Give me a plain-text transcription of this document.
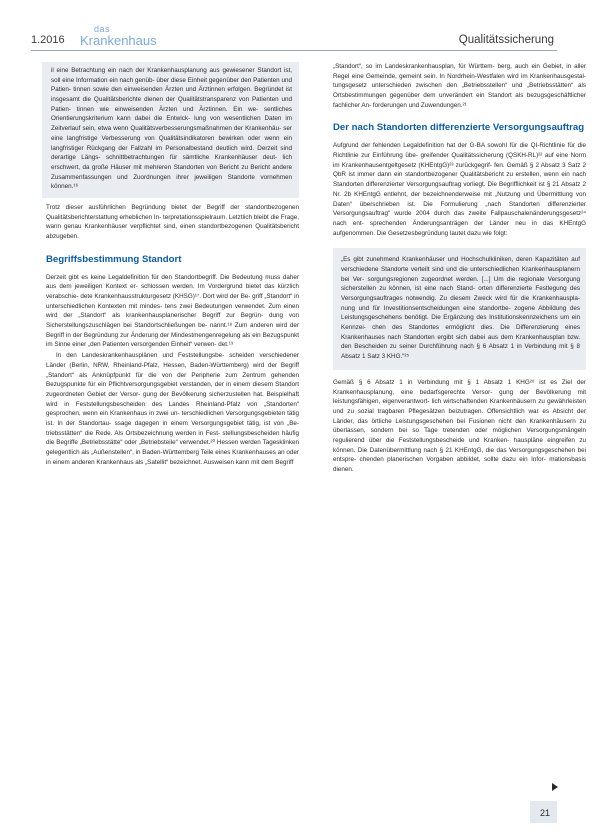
1.2016
das
Krankenhaus	Qualitätssicherung

il eine Betrachtung ein nach der Krankenhausplanung aus gewiesener Standort ist, soll eine Information ein nach genüb- über diese Einheit gegenüber den Patienten und Patien- tinnen sowie den einweisenden Ärzten und Ärztinnen erfolgen. Begründet ist insgesamt die Qualitätsberichte dienen der Qualitätstransparenz von Patienten und Patien- tinnen wie einweisenden Ärzten und Ärztinnen. Ein we- sentliches Orientierungskriterium kann dabei die Entwick- lung von wesentlichen Daten im Zeitverlauf sein, etwa wenn Qualitätsverbesserungsmaßnahmen der Krankenhäu- ser eine langfristige Verbesserung von Qualitätsindikatoren bewirken oder wenn ein langfristiger Rückgang der Fallzahl im Personalbestand deutlich wird. Derzeit sind derartige Längs- schnittbetrachtungen für sämtliche Krankenhäuser deut- lich erschwert, da große Häuser mit mehreren Standorten von Bericht zu Bericht andere Zusammenfassungen und Zuordnungen ihrer jeweiligen Standorte vornehmen können.¹⁶

Trotz dieser ausführlichen Begründung bietet der Begriff der standortbezogenen Qualitätsberichterstattung erheblichen In- terpretationsspielraum. Letztlich bleibt die Frage, wann genau Krankenhäuser verpflichtet sind, einen standortbezogenen Qualitätsbericht abzugeben.

Begriffsbestimmung Standort

Derzeit gibt es keine Legaldefinition für den Standortbegriff. Die Bedeutung muss daher aus dem jeweiligen Kontext er- schlossen werden. Im Vordergrund bietet das kürzlich verabschie- dete Krankenhausstrukturgesetz (KHSG)¹⁷. Dort wird der Be- griff „Standort“ in unterschiedlichen Kontexten mit mindes- tens zwei Bedeutungen verwendet. Zum einen wird der „Standort“ als krankenhausplanerischer Begriff zur Begrün- dung von Sicherstellungszuschlägen bei Standortschließungen be- nannt.¹⁸ Zum anderen wird der Begriff in der Begründung zur Änderung der Mindestmengenregelung als ein Bezugspunkt im Sinne einer „den Patienten versorgenden Einheit“ verwen- det.¹⁹

In den Landeskrankenhausplänen und Feststellungsbe- scheiden verschiedener Länder (Berlin, NRW, Rheinland-Pfalz, Hessen, Baden-Württemberg) wird der Begriff „Standort“ als Anknüpfpunkt für die von der Peripherie zum Zentrum gehenden Bezugspunkte für ein Pflichtversorgungsgebiet verstanden, der in einem diesem Standort zugeordneten Gebiet der Versor- gung der Bevölkerung sicherzustellen hat. Beispielhaft wird in Feststellungsbescheiden des Landes Rheinland-Pfalz von „Standorten“ gesprochen, wenn ein Krankenhaus in zwei un- terschiedlichen Versorgungsgebieten tätig ist. In der Standortau- ssage dagegen in einem Versorgungsgebiet tätig, ist von „Be- triebsstätten“ die Rede. Als Ortsbezeichnung werden in Fest- stellungsbescheiden häufig die Begriffe „Betriebsstätte“ oder „Betriebsteile“ verwendet.²⁰ Hessen werden Tagesklinken gelegentlich als „Außenstellen“, in Baden-Württemberg Teile eines Krankenhauses an oder in einem anderen Krankenhaus als „Satellit“ bezeichnet. Ausweisen kann mit dem Begriff

„Standort“, so im Landeskrankenhausplan, für Württem- berg, auch ein Gebiet, in aller Regel eine Gemeinde, gemeint sein. In Nordrhein-Westfalen wird im Krankenhausgestal- tungsgesetz unterschieden zwischen den „Betriebsstellen“ und „Betriebsstätten“ als Ortsbestimmungen gegenüber dem unverändert ein Standort als bezugsgeschäftlicher fachlicher An- forderungen und Zuwendungen.²¹

Der nach Standorten differenzierte Versorgungsauftrag

Aufgrund der fehlenden Legaldefinition hat der G-BA sowohl für die QI-Richtlinie für die Richtlinie zur Einführung übe- greifender Qualitätssicherung (QSKH-RL)²² auf eine Norm im Krankenhausentgeltgesetz (KHEntgG)²³ zurückgegrif- fen. Gemäß § 2 Absatz 3 Satz 2 QbR ist immer dann ein standortbezogener Qualitätsbericht zu erstellen, wenn ein nach Standorten differenzierter Versorgungsauftrag vorliegt. Die Begrifflichkeit ist § 21 Absatz 2 Nr. 2b KHEntgG entlehnt, der bezeichnenderweise mit „Nutzung und Übermittlung von Daten“ überschrieben ist. Die Formulierung „nach Standorten differenzierter Versorgungsauftrag“ wurde 2004 durch das zweite Fallpauschalenänderungsgesetz²⁴ nach ent- sprechenden Änderungsanträgen der Länder neu in das KHEntgG aufgenommen. Die Gesetzesbegründung lautet dazu wie folgt:

„Es gibt zunehmend Krankenhäuser und Hochschulkliniken, deren Kapazitäten auf verschiedene Standorte verteilt sind und die unterschiedlichen Krankenhausplanern bei Ver- sorgungsregionen zugeordnet werden. [...] Um die regionale Versorgung sicherstellen zu können, ist eine nach Stand- orten differenzierte Festlegung des Versorgungsauftrages notwendig. Zu diesem Zweck wird für die Krankenhauspla- nung und für Investitionsentscheidungen eine standortbe- zogene Abbildung des Leistungsgeschehens benötigt. Die Ergänzung des Institutionskennzeichens um ein Kennzei- chen des Standortes ermöglicht dies. Die Differenzierung eines Krankenhauses nach Standorten ergibt sich dabei aus dem Krankenhausplan bzw. den Bescheiden zu seiner Durchführung nach § 6 Absatz 1 in Verbindung mit § 8 Absatz 1 Satz 3 KHG.“²⁵

Gemäß § 6 Absatz 1 in Verbindung mit § 1 Absatz 1 KHG²⁶ ist es Ziel der Krankenhausplanung, eine bedarfsgerechte Versor- gung der Bevölkerung mit leistungsfähigen, eigenverantwort- lich wirtschaftenden Krankenhäusern zu gewährleisten und zu sozial tragbaren Pflegesätzen beizutragen. Offensichtlich war es Absicht der Länder, das örtliche Leistungsgeschehen bei Fusionen nicht den Krankenhäusern zu überlassen, sondern bei so Tage tretenden oder möglichen Versorgungsmängeln regulierend über die Feststellungsbescheide und Kranken- hauspläne eingreifen zu können. Die Datenübermittlung nach § 21 KHEntgG, die das Versorgungsgeschehen bei entspre- chenden planerischen Vorgaben abbildet, sollte dazu ein Infor- mationsbasis dienen.

21
